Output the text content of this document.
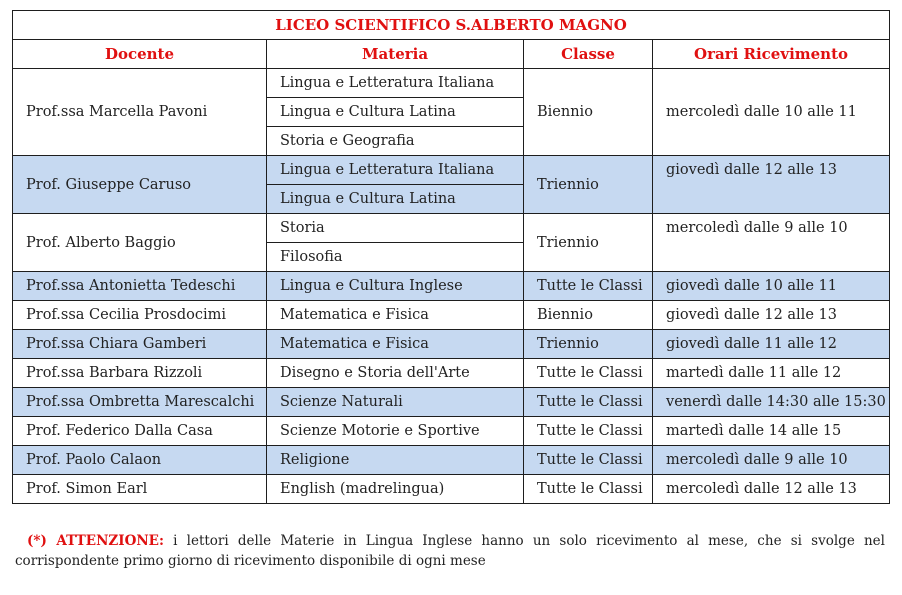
LICEO SCIENTIFICO S.ALBERTO MAGNO			
Docente	Materia	Classe	Orari Ricevimento
Prof.ssa Marcella Pavoni	Lingua e Letteratura Italiana	Biennio	mercoledì dalle 10 alle 11
	Lingua e Cultura Latina		
	Storia e Geografia		
Prof. Giuseppe Caruso	Lingua e Letteratura Italiana	Triennio	giovedì dalle 12 alle 13
	Lingua e Cultura Latina		
Prof. Alberto Baggio	Storia	Triennio	mercoledì dalle 9 alle 10
	Filosofia		
Prof.ssa Antonietta Tedeschi	Lingua e Cultura Inglese	Tutte le Classi	giovedì dalle 10 alle 11
Prof.ssa Cecilia Prosdocimi	Matematica e Fisica	Biennio	giovedì dalle 12 alle 13
Prof.ssa Chiara Gamberi	Matematica e Fisica	Triennio	giovedì dalle 11 alle 12
Prof.ssa Barbara Rizzoli	Disegno e Storia dell'Arte	Tutte le Classi	martedì dalle 11 alle 12
Prof.ssa Ombretta Marescalchi	Scienze Naturali	Tutte le Classi	venerdì dalle 14:30 alle 15:30
Prof. Federico Dalla Casa	Scienze Motorie e Sportive	Tutte le Classi	martedì dalle 14 alle 15
Prof. Paolo Calaon	Religione	Tutte le Classi	mercoledì dalle 9 alle 10
Prof. Simon Earl	English (madrelingua)	Tutte le Classi	mercoledì dalle 12 alle 13
(*) ATTENZIONE: i lettori delle Materie in Lingua Inglese hanno un solo ricevimento al mese, che si svolge nel corrispondente primo giorno di ricevimento disponibile di ogni mese
